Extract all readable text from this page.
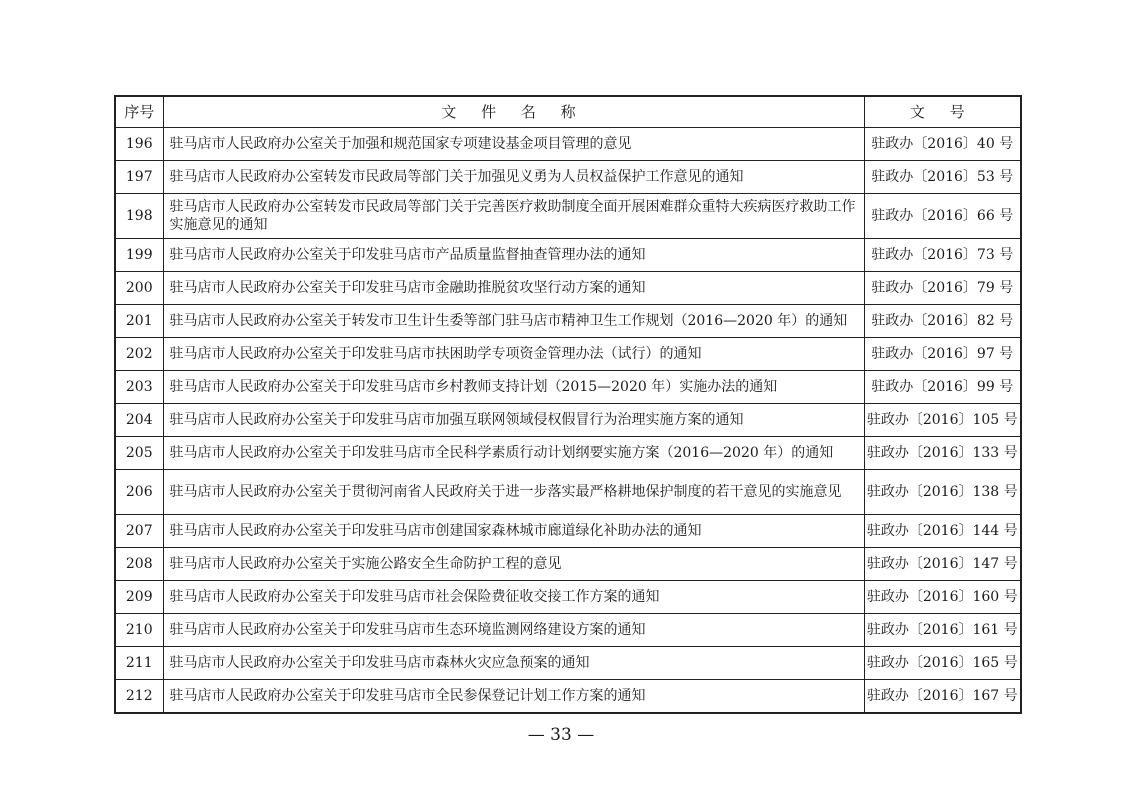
序号	文 件 名 称	文 号
196	驻马店市人民政府办公室关于加强和规范国家专项建设基金项目管理的意见	驻政办〔2016〕40 号
197	驻马店市人民政府办公室转发市民政局等部门关于加强见义勇为人员权益保护工作意见的通知	驻政办〔2016〕53 号
198	驻马店市人民政府办公室转发市民政局等部门关于完善医疗救助制度全面开展困难群众重特大疾病医疗救助工作实施意见的通知	驻政办〔2016〕66 号
199	驻马店市人民政府办公室关于印发驻马店市产品质量监督抽查管理办法的通知	驻政办〔2016〕73 号
200	驻马店市人民政府办公室关于印发驻马店市金融助推脱贫攻坚行动方案的通知	驻政办〔2016〕79 号
201	驻马店市人民政府办公室关于转发市卫生计生委等部门驻马店市精神卫生工作规划（2016—2020 年）的通知	驻政办〔2016〕82 号
202	驻马店市人民政府办公室关于印发驻马店市扶困助学专项资金管理办法（试行）的通知	驻政办〔2016〕97 号
203	驻马店市人民政府办公室关于印发驻马店市乡村教师支持计划（2015—2020 年）实施办法的通知	驻政办〔2016〕99 号
204	驻马店市人民政府办公室关于印发驻马店市加强互联网领域侵权假冒行为治理实施方案的通知	驻政办〔2016〕105 号
205	驻马店市人民政府办公室关于印发驻马店市全民科学素质行动计划纲要实施方案（2016—2020 年）的通知	驻政办〔2016〕133 号
206	驻马店市人民政府办公室关于贯彻河南省人民政府关于进一步落实最严格耕地保护制度的若干意见的实施意见	驻政办〔2016〕138 号
207	驻马店市人民政府办公室关于印发驻马店市创建国家森林城市廊道绿化补助办法的通知	驻政办〔2016〕144 号
208	驻马店市人民政府办公室关于实施公路安全生命防护工程的意见	驻政办〔2016〕147 号
209	驻马店市人民政府办公室关于印发驻马店市社会保险费征收交接工作方案的通知	驻政办〔2016〕160 号
210	驻马店市人民政府办公室关于印发驻马店市生态环境监测网络建设方案的通知	驻政办〔2016〕161 号
211	驻马店市人民政府办公室关于印发驻马店市森林火灾应急预案的通知	驻政办〔2016〕165 号
212	驻马店市人民政府办公室关于印发驻马店市全民参保登记计划工作方案的通知	驻政办〔2016〕167 号
— 33 —
